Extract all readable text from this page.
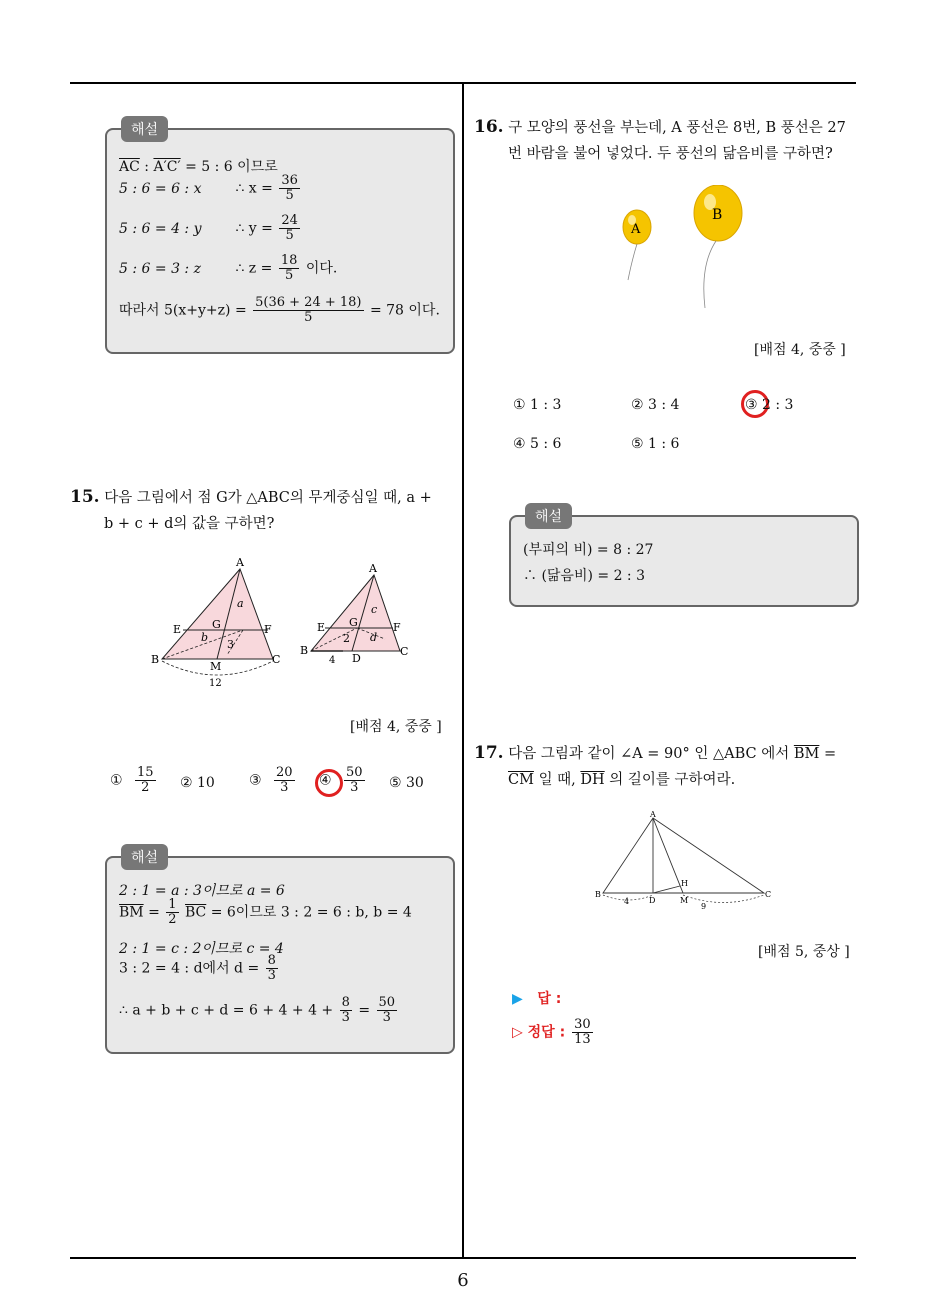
해설
$\overline{AC}$ : A′C′ = 5 : 6 이므로
5 : 6 = 6 : x ∴ $x = \frac{36}{5}$
5 : 6 = 4 : y ∴ $y = \frac{24}{5}$
5 : 6 = 3 : z ∴ $z = \frac{18}{5}$ 이다.
따라서 $5(x+y+z) = \frac{5(36 + 24 + 18)}{5} = 78$ 이다.
15. 다음 그림에서 점 G가 △ABC의 무게중심일 때, a +
b + c + d의 값을 구하면?
A
E	F
G
B	C
M
a
b
3
12
A
E	F
G
B	C
D
c
d
2
4
[배점 4, 중중 ]
① $\frac{15}{2}$ ② 10 ③ $\frac{20}{3}$ ④ $\frac{50}{3}$ ⑤ 30
해설
2 : 1 = a : 3이므로 a = 6
$\overline{BM} = \frac{1}{2} \overline{BC} = 6$이므로 3 : 2 = 6 : b, b = 4
2 : 1 = c : 2이므로 c = 4
3 : 2 = 4 : d에서 $d = \frac{8}{3}$
∴ $a + b + c + d = 6 + 4 + 4 + \frac{8}{3} = \frac{50}{3}$
16. 구 모양의 풍선을 부는데, A 풍선은 8번, B 풍선은 27
번 바람을 불어 넣었다. 두 풍선의 닮음비를 구하면?
A
B
[배점 4, 중중 ]
① 1 : 3	② 3 : 4	③ 2 : 3
④ 5 : 6	⑤ 1 : 6
해설
(부피의 비) = 8 : 27
∴ (닮음비) = 2 : 3
17. 다음 그림과 같이 ∠A = 90° 인 △ABC 에서 $\overline{BM}$ =
$\overline{CM}$ 일 때, $\overline{DH}$ 의 길이를 구하여라.
A
B	C
D
H
M
4
9
[배점 5, 중상 ]
▶ 답 :
▷ 정답 : $\frac{30}{13}$
6
